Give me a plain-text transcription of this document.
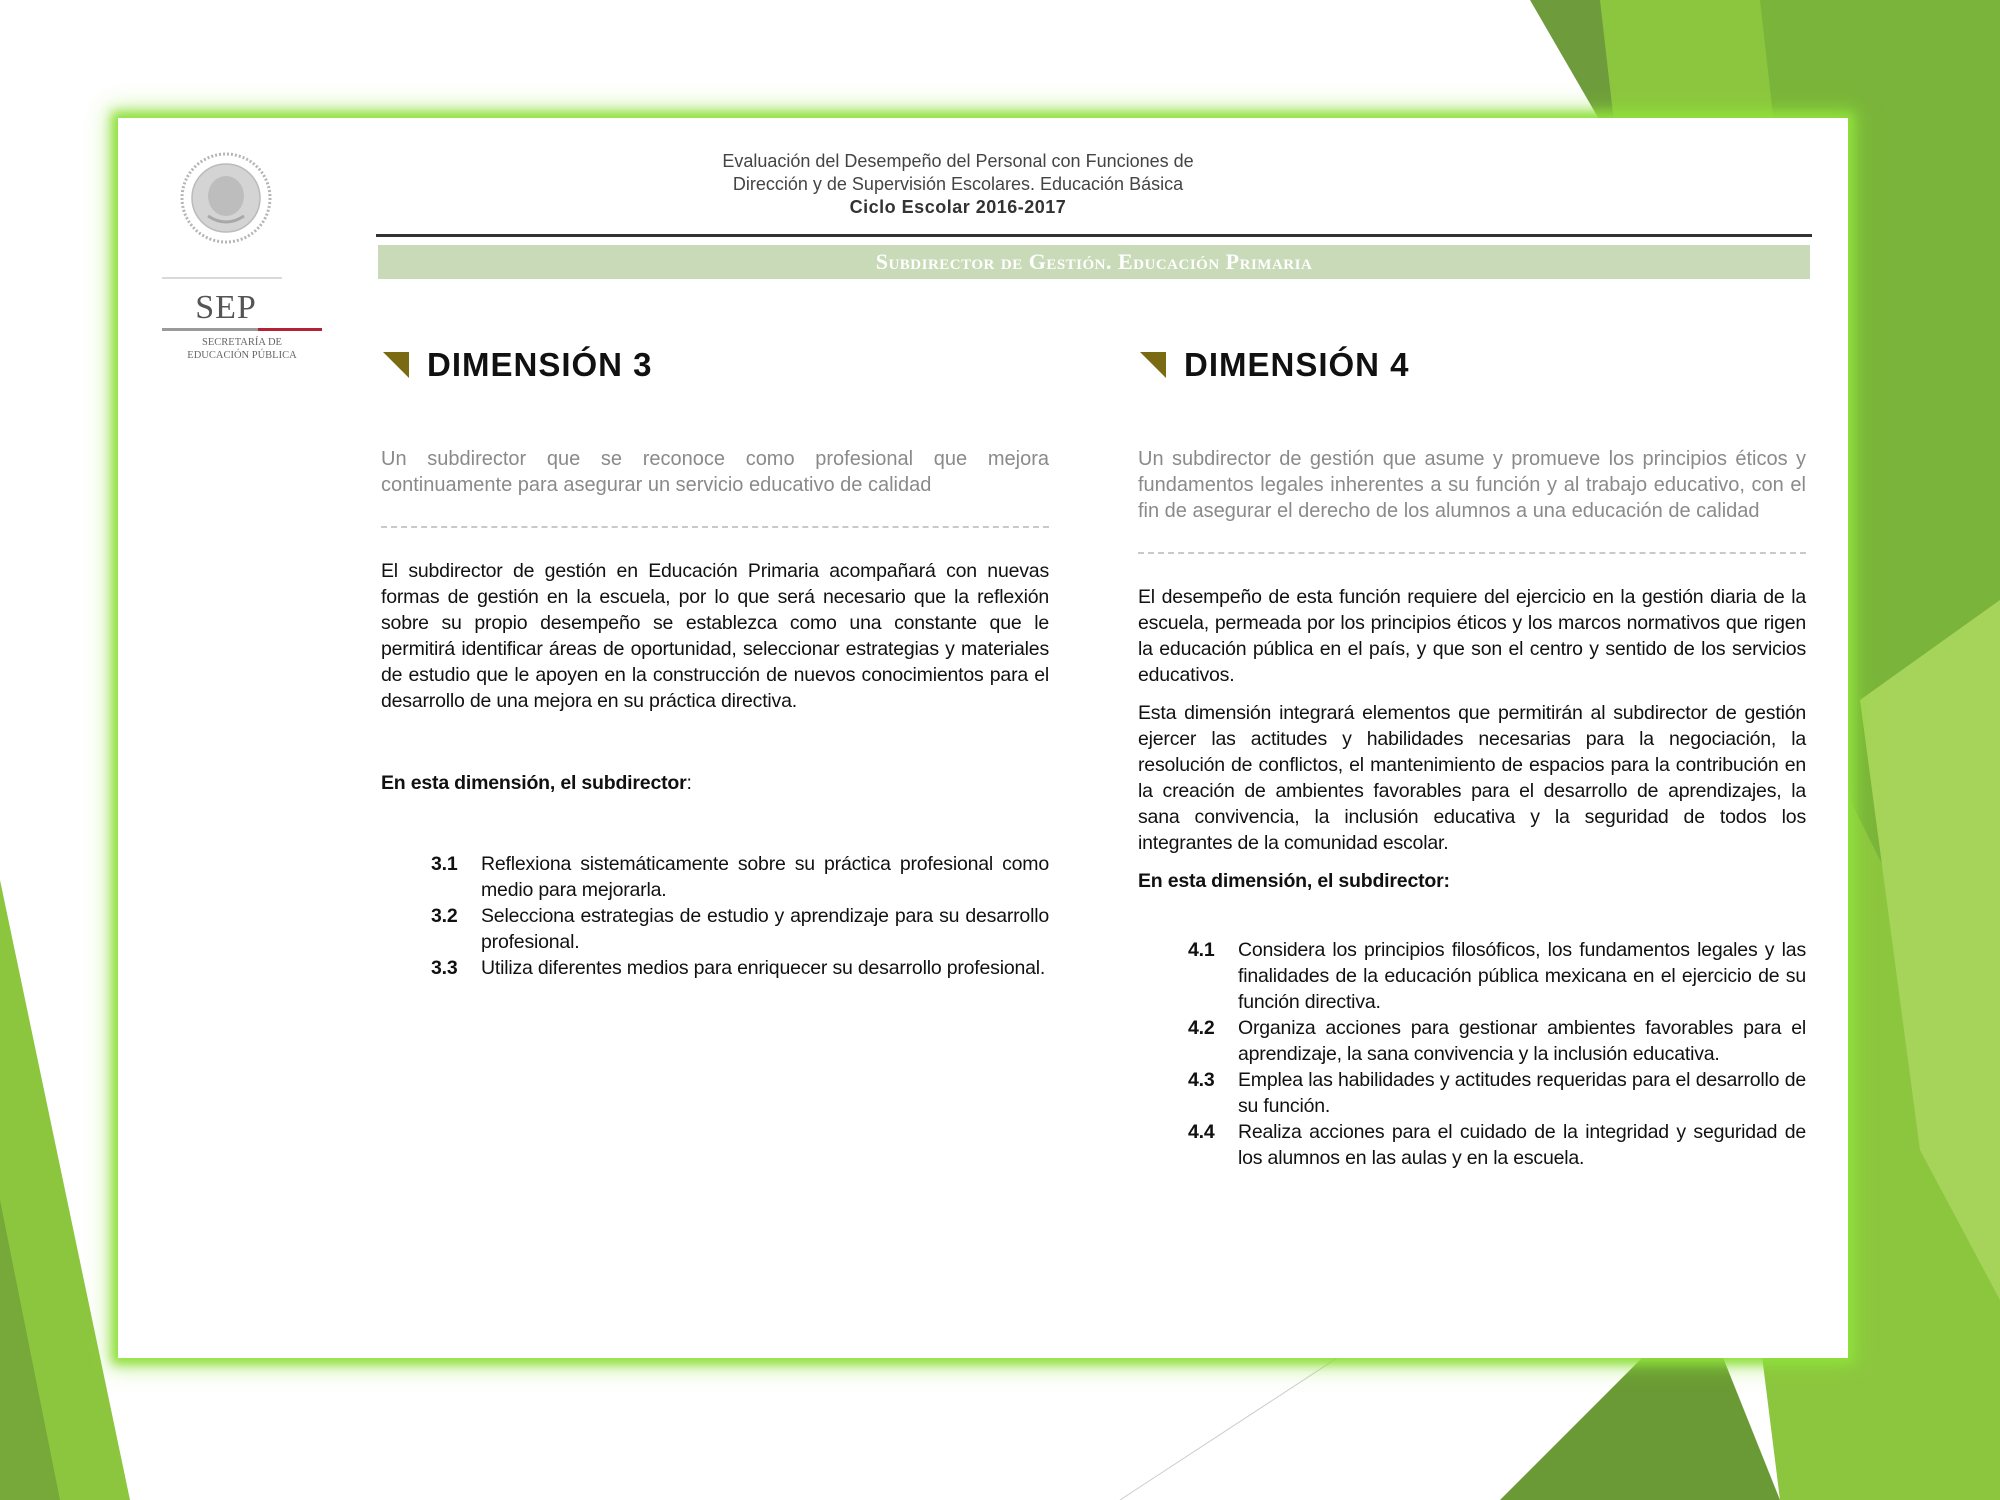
SEP
SECRETARÍA DE
EDUCACIÓN PÚBLICA
Evaluación del Desempeño del Personal con Funciones de
Dirección y de Supervisión Escolares. Educación Básica
Ciclo Escolar 2016-2017
Subdirector de Gestión. Educación Primaria
DIMENSIÓN 3

Un subdirector que se reconoce como profesional que mejora continuamente para asegurar un servicio educativo de calidad

El subdirector de gestión en Educación Primaria acompañará con nuevas formas de gestión en la escuela, por lo que será necesario que la reflexión sobre su propio desempeño se establezca como una constante que le permitirá identificar áreas de oportunidad, seleccionar estrategias y materiales de estudio que le apoyen en la construcción de nuevos conocimientos para el desarrollo de una mejora en su práctica directiva.

En esta dimensión, el subdirector:

3.1	Reflexiona sistemáticamente sobre su práctica profesional como medio para mejorarla.
3.2	Selecciona estrategias de estudio y aprendizaje para su desarrollo profesional.
3.3	Utiliza diferentes medios para enriquecer su desarrollo profesional.
DIMENSIÓN 4

Un subdirector de gestión que asume y promueve los principios éticos y fundamentos legales inherentes a su función y al trabajo educativo, con el fin de asegurar el derecho de los alumnos a una educación de calidad

El desempeño de esta función requiere del ejercicio en la gestión diaria de la escuela, permeada por los principios éticos y los marcos normativos que rigen la educación pública en el país, y que son el centro y sentido de los servicios educativos.

Esta dimensión integrará elementos que permitirán al subdirector de gestión ejercer las actitudes y habilidades necesarias para la negociación, la resolución de conflictos, el mantenimiento de espacios para la contribución en la creación de ambientes favorables para el desarrollo de aprendizajes, la sana convivencia, la inclusión educativa y la seguridad de todos los integrantes de la comunidad escolar.

En esta dimensión, el subdirector:

4.1	Considera los principios filosóficos, los fundamentos legales y las finalidades de la educación pública mexicana en el ejercicio de su función directiva.
4.2	Organiza acciones para gestionar ambientes favorables para el aprendizaje, la sana convivencia y la inclusión educativa.
4.3	Emplea las habilidades y actitudes requeridas para el desarrollo de su función.
4.4	Realiza acciones para el cuidado de la integridad y seguridad de los alumnos en las aulas y en la escuela.
